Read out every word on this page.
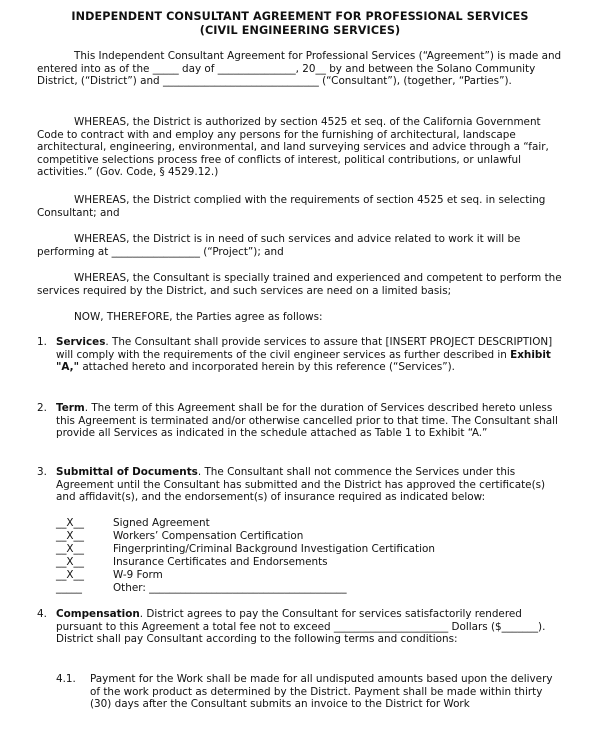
INDEPENDENT CONSULTANT AGREEMENT FOR PROFESSIONAL SERVICES
(CIVIL ENGINEERING SERVICES)

This Independent Consultant Agreement for Professional Services (“Agreement”) is made and entered into as of the _____ day of _______________, 20__ by and between the Solano Community District, (“District”) and ______________________________ (“Consultant”), (together, “Parties”).

WHEREAS, the District is authorized by section 4525 et seq. of the California Government Code to contract with and employ any persons for the furnishing of architectural, landscape architectural, engineering, environmental, and land surveying services and advice through a “fair, competitive selections process free of conflicts of interest, political contributions, or unlawful activities.” (Gov. Code, § 4529.12.)

WHEREAS, the District complied with the requirements of section 4525 et seq. in selecting Consultant; and

WHEREAS, the District is in need of such services and advice related to work it will be performing at _________________ (“Project”); and

WHEREAS, the Consultant is specially trained and experienced and competent to perform the services required by the District, and such services are need on a limited basis;

NOW, THEREFORE, the Parties agree as follows:

1. Services. The Consultant shall provide services to assure that [INSERT PROJECT DESCRIPTION] will comply with the requirements of the civil engineer services as further described in Exhibit "A," attached hereto and incorporated herein by this reference (“Services”).

2. Term. The term of this Agreement shall be for the duration of Services described hereto unless this Agreement is terminated and/or otherwise cancelled prior to that time. The Consultant shall provide all Services as indicated in the schedule attached as Table 1 to Exhibit “A.”

3. Submittal of Documents. The Consultant shall not commence the Services under this Agreement until the Consultant has submitted and the District has approved the certificate(s) and affidavit(s), and the endorsement(s) of insurance required as indicated below:

__X__	Signed Agreement
__X__	Workers’ Compensation Certification
__X__	Fingerprinting/Criminal Background Investigation Certification
__X__	Insurance Certificates and Endorsements
__X__	W-9 Form
_____	Other: ______________________________________
4. Compensation. District agrees to pay the Consultant for services satisfactorily rendered pursuant to this Agreement a total fee not to exceed ______________________ Dollars ($_______). District shall pay Consultant according to the following terms and conditions:

4.1. Payment for the Work shall be made for all undisputed amounts based upon the delivery of the work product as determined by the District. Payment shall be made within thirty (30) days after the Consultant submits an invoice to the District for Work
